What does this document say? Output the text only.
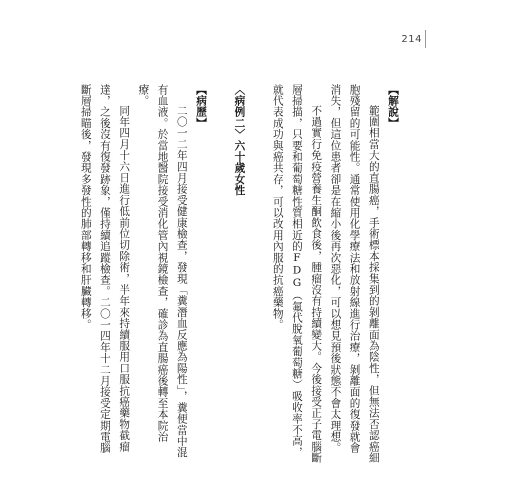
214
【解說】
範圍相當大的直腸癌，手術標本採集到的剝離面為陰性，但無法否認癌細胞殘留的可能性。通常使用化學療法和放射線進行治療，剝離面的復發就會消失，但這位患者卻是在縮小後再次惡化，可以想見預後狀態不會太理想。
不過實行免疫營養生酮飲食後，腫瘤沒有持續變大。今後接受正子電腦斷層掃描，只要和葡萄糖性質相近的FDG（氟代脫氧葡萄糖）吸收率不高，就代表成功與癌共存，可以改用內服的抗癌藥物。
〈病例二〉六十歲女性
【病歷】
二〇一二年四月接受健康檢查，發現「糞潛血反應為陽性」，糞便當中混有血液。於當地醫院接受消化管內視鏡檢查，確診為直腸癌後轉至本院治療。
同年四月十六日進行低前位切除術，半年來持續服用口服抗癌藥物截瘤達，之後沒有復發跡象，僅持續追蹤檢查。二〇一四年十二月接受定期電腦斷層掃瞄後，發現多發性的肺部轉移和肝臟轉移。
